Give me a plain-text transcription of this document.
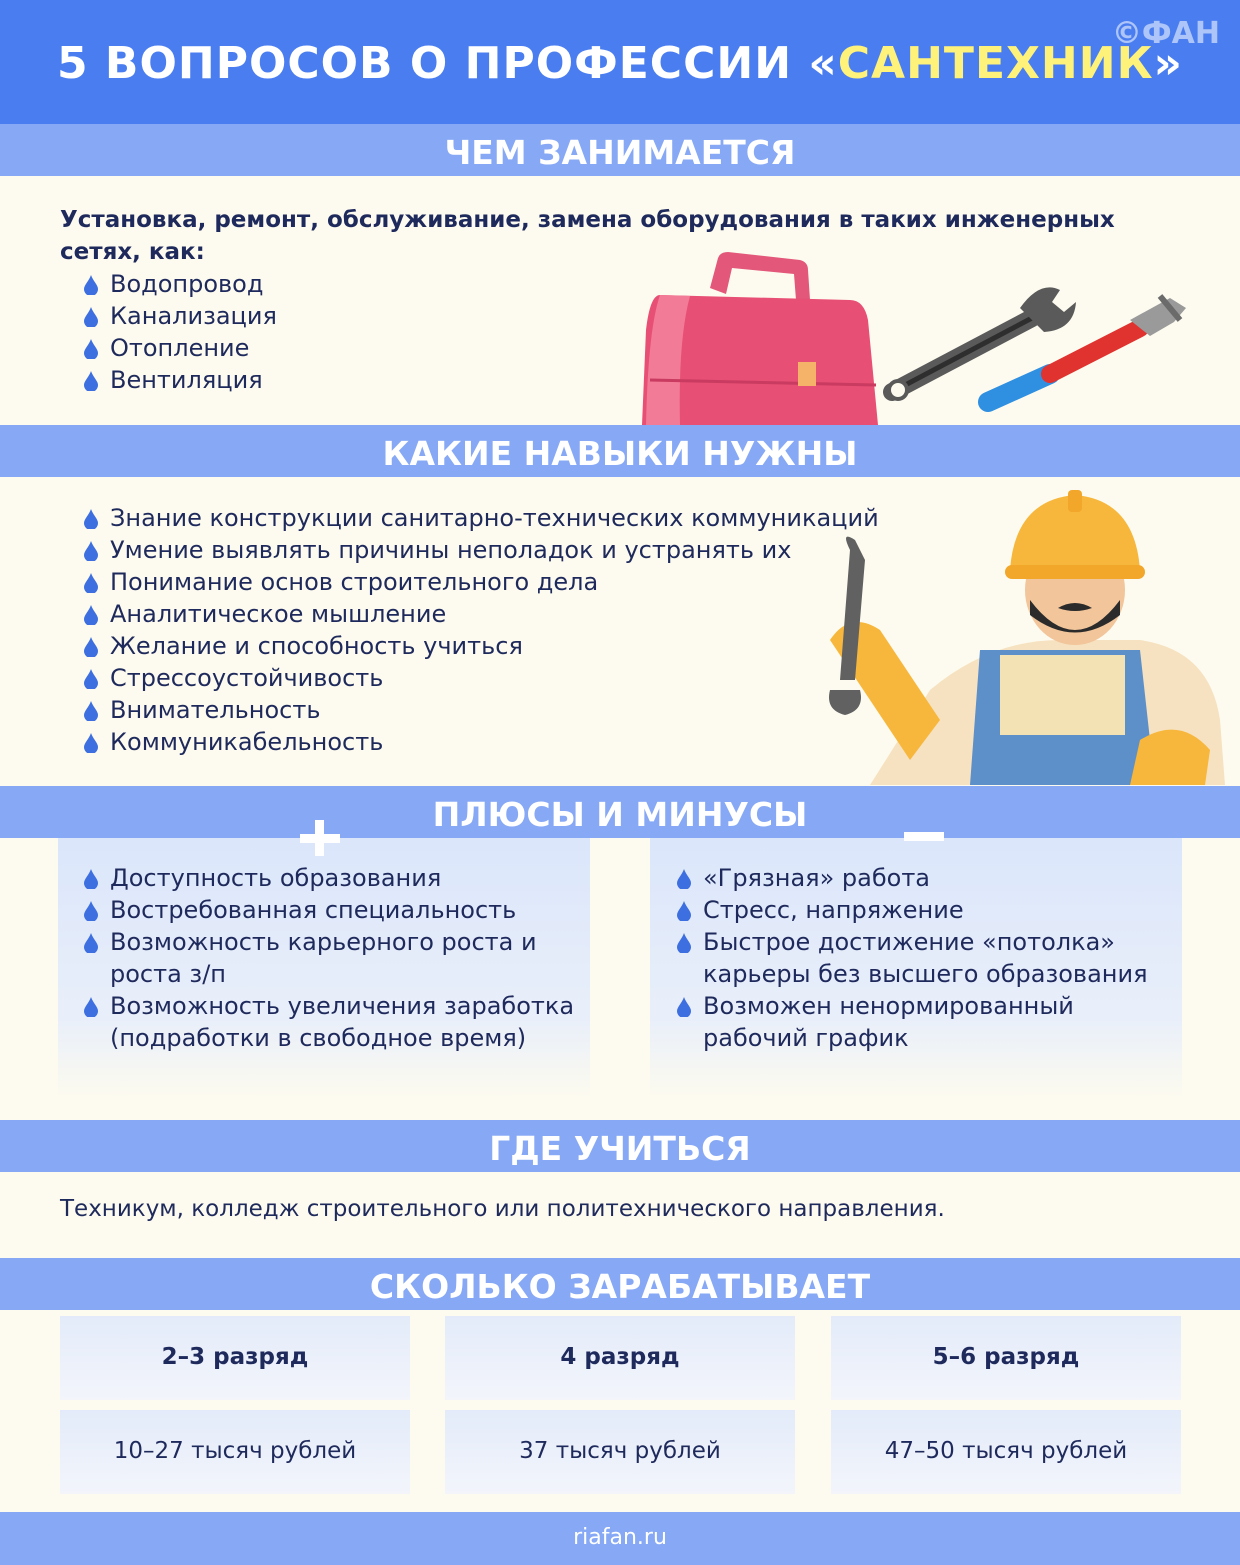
5 ВОПРОСОВ О ПРОФЕССИИ «САНТЕХНИК»
©ФАН
ЧЕМ ЗАНИМАЕТСЯ
Установка, ремонт, обслуживание, замена оборудования в таких инженерных сетях, как:
Водопровод
Канализация
Отопление
Вентиляция
КАКИЕ НАВЫКИ НУЖНЫ
Знание конструкции санитарно-технических коммуникаций
Умение выявлять причины неполадок и устранять их
Понимание основ строительного дела
Аналитическое мышление
Желание и способность учиться
Стрессоустойчивость
Внимательность
Коммуникабельность
ПЛЮСЫ И МИНУСЫ
Доступность образования
Востребованная специальность
Возможность карьерного роста и роста з/п
Возможность увеличения заработка (подработки в свободное время)
«Грязная» работа
Стресс, напряжение
Быстрое достижение «потолка» карьеры без высшего образования
Возможен ненормированный рабочий график
ГДЕ УЧИТЬСЯ
Техникум, колледж строительного или политехнического направления.
СКОЛЬКО ЗАРАБАТЫВАЕТ
2–3 разряд	4 разряд	5–6 разряд
10–27 тысяч рублей	37 тысяч рублей	47–50 тысяч рублей
riafan.ru
